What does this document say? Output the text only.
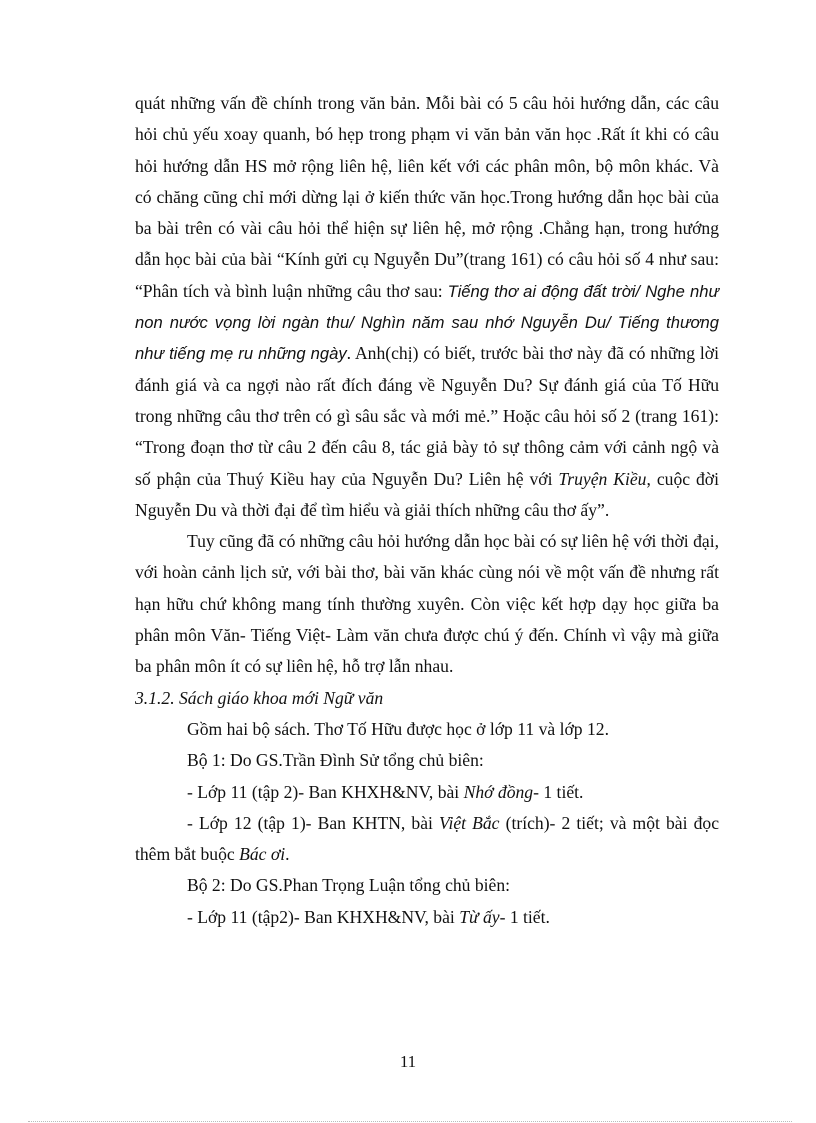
quát những vấn đề chính trong văn bản. Mỗi bài có 5 câu hỏi hướng dẫn, các câu hỏi chủ yếu xoay quanh, bó hẹp trong phạm vi văn bản văn học .Rất ít khi có câu hỏi hướng dẫn HS mở rộng liên hệ, liên kết với các phân môn, bộ môn khác. Và có chăng cũng chỉ mới dừng lại ở kiến thức văn học.Trong hướng dẫn học bài của ba bài trên có vài câu hỏi thể hiện sự liên hệ, mở rộng .Chẳng hạn, trong hướng dẫn học bài của bài “Kính gửi cụ Nguyễn Du”(trang 161) có câu hỏi số 4 như sau: “Phân tích và bình luận những câu thơ sau: Tiếng thơ ai động đất trời/ Nghe như non nước vọng lời ngàn thu/ Nghìn năm sau nhớ Nguyễn Du/ Tiếng thương như tiếng mẹ ru những ngày. Anh(chị) có biết, trước bài thơ này đã có những lời đánh giá và ca ngợi nào rất đích đáng về Nguyễn Du? Sự đánh giá của Tố Hữu trong những câu thơ trên có gì sâu sắc và mới mẻ.” Hoặc câu hỏi số 2 (trang 161): “Trong đoạn thơ từ câu 2 đến câu 8, tác giả bày tỏ sự thông cảm với cảnh ngộ và số phận của Thuý Kiều hay của Nguyễn Du? Liên hệ với Truyện Kiều, cuộc đời Nguyễn Du và thời đại để tìm hiểu và giải thích những câu thơ ấy”.

Tuy cũng đã có những câu hỏi hướng dẫn học bài có sự liên hệ với thời đại, với hoàn cảnh lịch sử, với bài thơ, bài văn khác cùng nói về một vấn đề nhưng rất hạn hữu chứ không mang tính thường xuyên. Còn việc kết hợp dạy học giữa ba phân môn Văn- Tiếng Việt- Làm văn chưa được chú ý đến. Chính vì vậy mà giữa ba phân môn ít có sự liên hệ, hỗ trợ lẫn nhau.

3.1.2. Sách giáo khoa mới Ngữ văn

Gồm hai bộ sách. Thơ Tố Hữu được học ở lớp 11 và lớp 12.

Bộ 1: Do GS.Trần Đình Sử tổng chủ biên:

- Lớp 11 (tập 2)- Ban KHXH&NV, bài Nhớ đồng- 1 tiết.

- Lớp 12 (tập 1)- Ban KHTN, bài Việt Bắc (trích)- 2 tiết; và một bài đọc thêm bắt buộc Bác ơi.

Bộ 2: Do GS.Phan Trọng Luận tổng chủ biên:

- Lớp 11 (tập2)- Ban KHXH&NV, bài Từ ấy- 1 tiết.

11
